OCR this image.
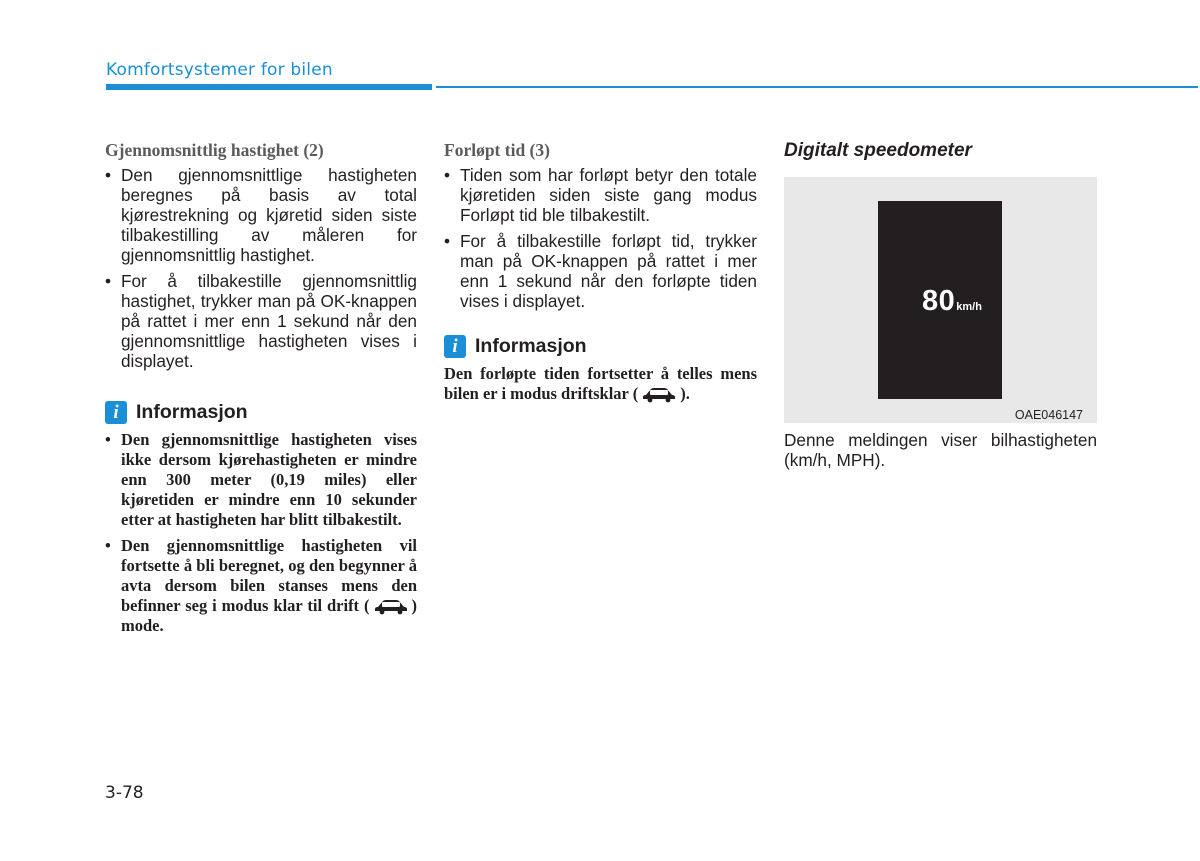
Komfortsystemer for bilen
Gjennomsnittlig hastighet (2)
• Den gjennomsnittlige hastigheten beregnes på basis av total kjørestrekning og kjøretid siden siste tilbakestilling av måleren for gjennomsnittlig hastighet.
• For å tilbakestille gjennomsnittlig hastighet, trykker man på OK-knappen på rattet i mer enn 1 sekund når den gjennomsnittlige hastigheten vises i displayet.
i Informasjon
• Den gjennomsnittlige hastigheten vises ikke dersom kjørehastigheten er mindre enn 300 meter (0,19 miles) eller kjøretiden er mindre enn 10 sekunder etter at hastigheten har blitt tilbakestilt.
• Den gjennomsnittlige hastigheten vil fortsette å bli beregnet, og den begynner å avta dersom bilen stanses mens den befinner seg i modus klar til drift (	) mode.
Forløpt tid (3)
• Tiden som har forløpt betyr den totale kjøretiden siden siste gang modus Forløpt tid ble tilbakestilt.
• For å tilbakestille forløpt tid, trykker man på OK-knappen på rattet i mer enn 1 sekund når den forløpte tiden vises i displayet.
i Informasjon

Den forløpte tiden fortsetter å telles mens bilen er i modus driftsklar (	).

Digitalt speedometer
80km/h
OAE046147

Denne meldingen viser bilhastigheten (km/h, MPH).

3-78
